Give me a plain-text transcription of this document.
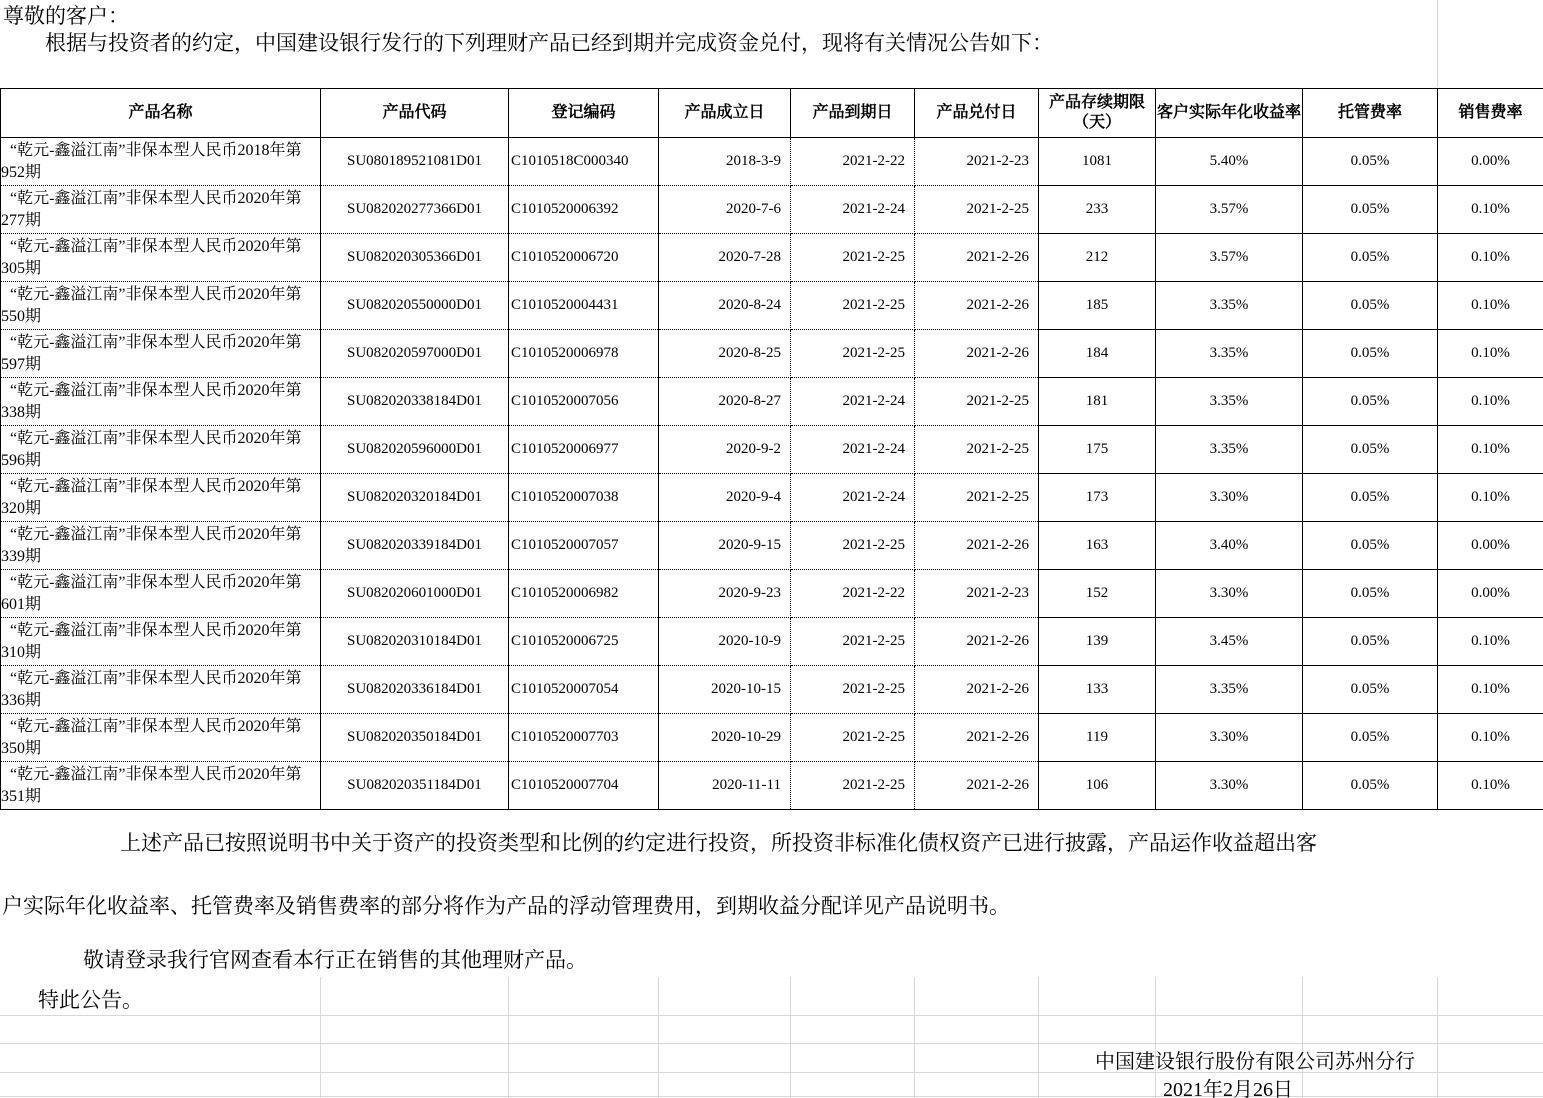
尊敬的客户：
根据与投资者的约定，中国建设银行发行的下列理财产品已经到期并完成资金兑付，现将有关情况公告如下：
产品名称	产品代码	登记编码	产品成立日	产品到期日	产品兑付日	产品存续期限（天）	客户实际年化收益率	托管费率	销售费率
“乾元-鑫溢江南”非保本型人民币2018年第952期	SU080189521081D01	C1010518C000340	2018-3-9	2021-2-22	2021-2-23	1081	5.40%	0.05%	0.00%
“乾元-鑫溢江南”非保本型人民币2020年第277期	SU082020277366D01	C1010520006392	2020-7-6	2021-2-24	2021-2-25	233	3.57%	0.05%	0.10%
“乾元-鑫溢江南”非保本型人民币2020年第305期	SU082020305366D01	C1010520006720	2020-7-28	2021-2-25	2021-2-26	212	3.57%	0.05%	0.10%
“乾元-鑫溢江南”非保本型人民币2020年第550期	SU082020550000D01	C1010520004431	2020-8-24	2021-2-25	2021-2-26	185	3.35%	0.05%	0.10%
“乾元-鑫溢江南”非保本型人民币2020年第597期	SU082020597000D01	C1010520006978	2020-8-25	2021-2-25	2021-2-26	184	3.35%	0.05%	0.10%
“乾元-鑫溢江南”非保本型人民币2020年第338期	SU082020338184D01	C1010520007056	2020-8-27	2021-2-24	2021-2-25	181	3.35%	0.05%	0.10%
“乾元-鑫溢江南”非保本型人民币2020年第596期	SU082020596000D01	C1010520006977	2020-9-2	2021-2-24	2021-2-25	175	3.35%	0.05%	0.10%
“乾元-鑫溢江南”非保本型人民币2020年第320期	SU082020320184D01	C1010520007038	2020-9-4	2021-2-24	2021-2-25	173	3.30%	0.05%	0.10%
“乾元-鑫溢江南”非保本型人民币2020年第339期	SU082020339184D01	C1010520007057	2020-9-15	2021-2-25	2021-2-26	163	3.40%	0.05%	0.00%
“乾元-鑫溢江南”非保本型人民币2020年第601期	SU082020601000D01	C1010520006982	2020-9-23	2021-2-22	2021-2-23	152	3.30%	0.05%	0.00%
“乾元-鑫溢江南”非保本型人民币2020年第310期	SU082020310184D01	C1010520006725	2020-10-9	2021-2-25	2021-2-26	139	3.45%	0.05%	0.10%
“乾元-鑫溢江南”非保本型人民币2020年第336期	SU082020336184D01	C1010520007054	2020-10-15	2021-2-25	2021-2-26	133	3.35%	0.05%	0.10%
“乾元-鑫溢江南”非保本型人民币2020年第350期	SU082020350184D01	C1010520007703	2020-10-29	2021-2-25	2021-2-26	119	3.30%	0.05%	0.10%
“乾元-鑫溢江南”非保本型人民币2020年第351期	SU082020351184D01	C1010520007704	2020-11-11	2021-2-25	2021-2-26	106	3.30%	0.05%	0.10%
上述产品已按照说明书中关于资产的投资类型和比例的约定进行投资，所投资非标准化债权资产已进行披露，产品运作收益超出客
户实际年化收益率、托管费率及销售费率的部分将作为产品的浮动管理费用，到期收益分配详见产品说明书。
敬请登录我行官网查看本行正在销售的其他理财产品。
特此公告。
中国建设银行股份有限公司苏州分行
2021年2月26日
